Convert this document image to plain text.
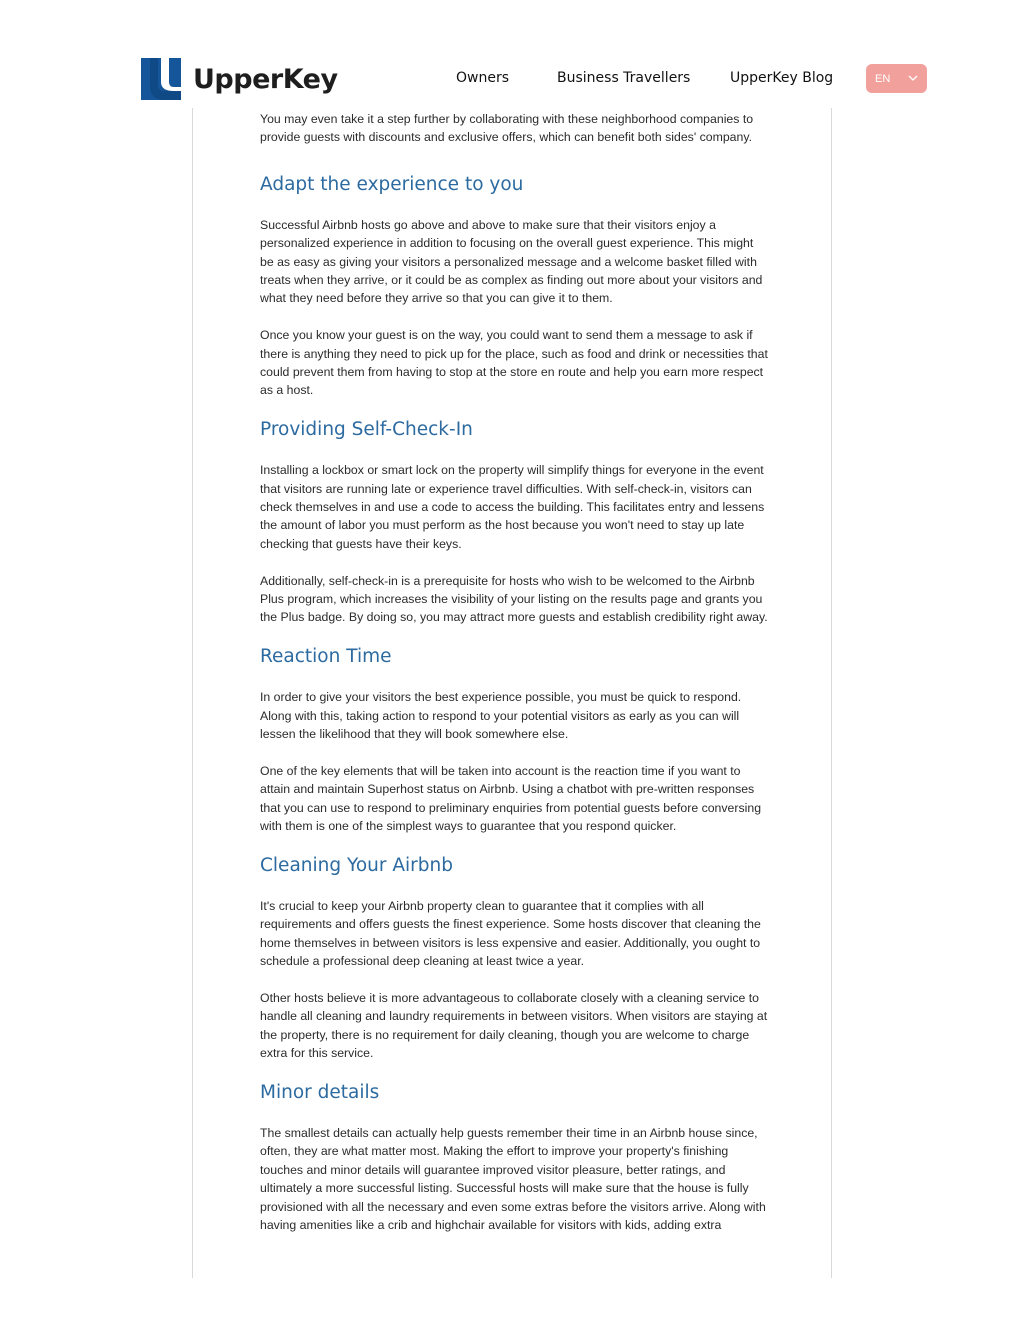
UpperKey	Owners	Business Travellers	UpperKey Blog	EN

You may even take it a step further by collaborating with these neighborhood companies to provide guests with discounts and exclusive offers, which can benefit both sides' company.

Adapt the experience to you

Successful Airbnb hosts go above and above to make sure that their visitors enjoy a personalized experience in addition to focusing on the overall guest experience. This might be as easy as giving your visitors a personalized message and a welcome basket filled with treats when they arrive, or it could be as complex as finding out more about your visitors and what they need before they arrive so that you can give it to them.

Once you know your guest is on the way, you could want to send them a message to ask if there is anything they need to pick up for the place, such as food and drink or necessities that could prevent them from having to stop at the store en route and help you earn more respect as a host.

Providing Self-Check-In

Installing a lockbox or smart lock on the property will simplify things for everyone in the event that visitors are running late or experience travel difficulties. With self-check-in, visitors can check themselves in and use a code to access the building. This facilitates entry and lessens the amount of labor you must perform as the host because you won't need to stay up late checking that guests have their keys.

Additionally, self-check-in is a prerequisite for hosts who wish to be welcomed to the Airbnb Plus program, which increases the visibility of your listing on the results page and grants you the Plus badge. By doing so, you may attract more guests and establish credibility right away.

Reaction Time

In order to give your visitors the best experience possible, you must be quick to respond. Along with this, taking action to respond to your potential visitors as early as you can will lessen the likelihood that they will book somewhere else.

One of the key elements that will be taken into account is the reaction time if you want to attain and maintain Superhost status on Airbnb. Using a chatbot with pre-written responses that you can use to respond to preliminary enquiries from potential guests before conversing with them is one of the simplest ways to guarantee that you respond quicker.

Cleaning Your Airbnb

It's crucial to keep your Airbnb property clean to guarantee that it complies with all requirements and offers guests the finest experience. Some hosts discover that cleaning the home themselves in between visitors is less expensive and easier. Additionally, you ought to schedule a professional deep cleaning at least twice a year.

Other hosts believe it is more advantageous to collaborate closely with a cleaning service to handle all cleaning and laundry requirements in between visitors. When visitors are staying at the property, there is no requirement for daily cleaning, though you are welcome to charge extra for this service.

Minor details

The smallest details can actually help guests remember their time in an Airbnb house since, often, they are what matter most. Making the effort to improve your property's finishing touches and minor details will guarantee improved visitor pleasure, better ratings, and ultimately a more successful listing. Successful hosts will make sure that the house is fully provisioned with all the necessary and even some extras before the visitors arrive. Along with having amenities like a crib and highchair available for visitors with kids, adding extra
